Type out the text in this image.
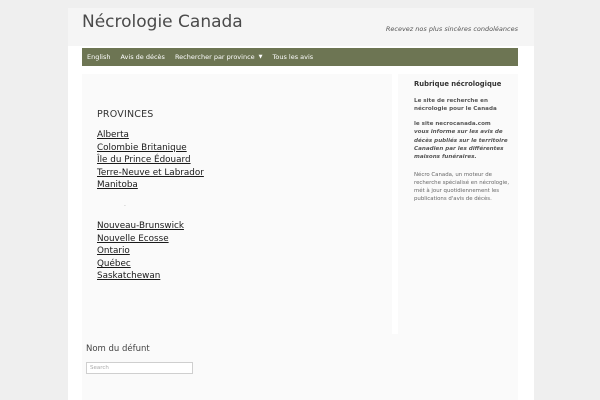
Nécrologie Canada	Recevez nos plus sincères condoléances
English Avis de décès Rechercher par province ▼ Tous les avis
PROVINCES
Alberta
Colombie Britanique
Île du Prince Édouard
Terre-Neuve et Labrador
Manitoba
.
Nouveau-Brunswick
Nouvelle Ecosse
Ontario
Québec
Saskatchewan
Rubrique nécrologique
Le site de recherche en
nécrologie pour le Canada
le site necrocanada.com
vous informe sur les avis de
décès publiés sur le territoire
Canadien par les différentes
maisons funéraires.
Nécro Canada, un moteur de
recherche spécialisé en nécrologie,
mét à jour quotidiennement les
publications d'avis de décès.
Nom du défunt
Search
